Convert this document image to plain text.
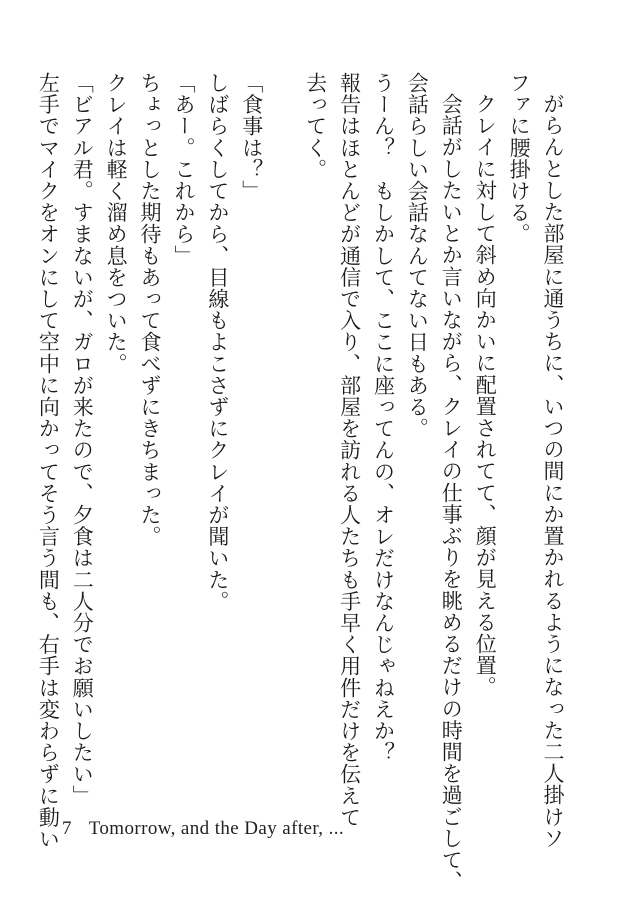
がらんとした部屋に通うちに、いつの間にか置かれるようになった二人掛けソ
ファに腰掛ける。
クレイに対して斜め向かいに配置されてて、顔が見える位置。
会話がしたいとか言いながら、クレイの仕事ぶりを眺めるだけの時間を過ごして、
会話らしい会話なんてない日もある。
うーん？　もしかして、ここに座ってんの、オレだけなんじゃねえか？
報告はほとんどが通信で入り、部屋を訪れる人たちも手早く用件だけを伝えて
去ってく。
「食事は？」
しばらくしてから、目線もよこさずにクレイが聞いた。
「あー。これから」
ちょっとした期待もあって食べずにきちまった。
クレイは軽く溜め息をついた。
「ビアル君。すまないが、ガロが来たので、夕食は二人分でお願いしたい」
左手でマイクをオンにして空中に向かってそう言う間も、右手は変わらずに動い 7 Tomorrow, and the Day after, ...
